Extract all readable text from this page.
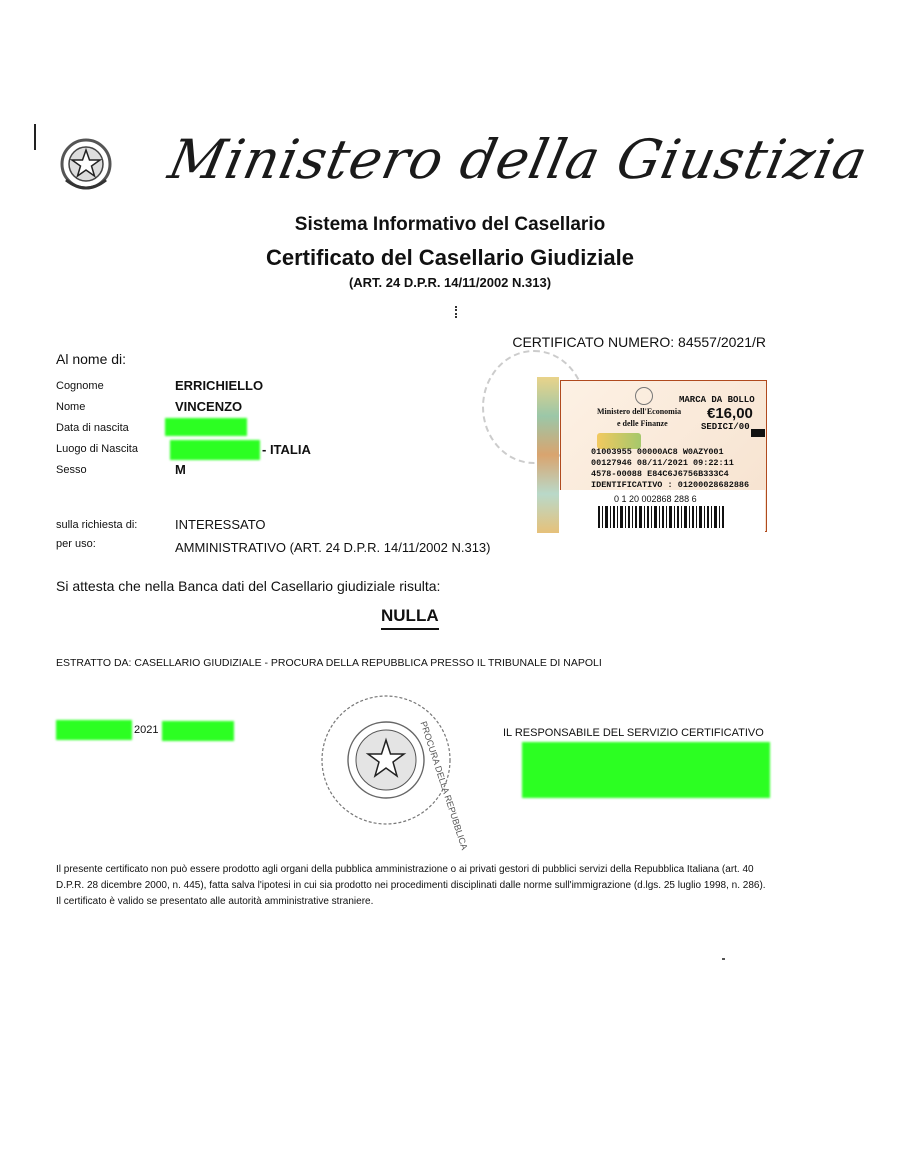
Ministero della Giustizia
Sistema Informativo del Casellario
Certificato del Casellario Giudiziale
(ART. 24 D.P.R. 14/11/2002 N.313)
CERTIFICATO NUMERO: 84557/2021/R
Al nome di:
Cognome	ERRICHIELLO
Nome	VINCENZO
Data di nascita
Luogo di Nascita	- ITALIA
Sesso	M
MARCA DA BOLLO
Ministero dell'Economia
e delle Finanze
€16,00
SEDICI/00
01003955 00000AC8 W0AZY001
00127946 08/11/2021 09:22:11
4578-00088 E84C6J6756B333C4
IDENTIFICATIVO : 01200028682886
0 1 20 002868 288 6
sulla richiesta di:	INTERESSATO
per uso:	AMMINISTRATIVO (ART. 24 D.P.R. 14/11/2002 N.313)
Si attesta che nella Banca dati del Casellario giudiziale risulta:
NULLA
ESTRATTO DA: CASELLARIO GIUDIZIALE - PROCURA DELLA REPUBBLICA PRESSO IL TRIBUNALE DI NAPOLI
2021	PROCURA DELLA REPUBBLICA	IL RESPONSABILE DEL SERVIZIO CERTIFICATIVO
Il presente certificato non può essere prodotto agli organi della pubblica amministrazione o ai privati gestori di pubblici servizi della Repubblica Italiana (art. 40 D.P.R. 28 dicembre 2000, n. 445), fatta salva l'ipotesi in cui sia prodotto nei procedimenti disciplinati dalle norme sull'immigrazione (d.lgs. 25 luglio 1998, n. 286). Il certificato è valido se presentato alle autorità amministrative straniere.
